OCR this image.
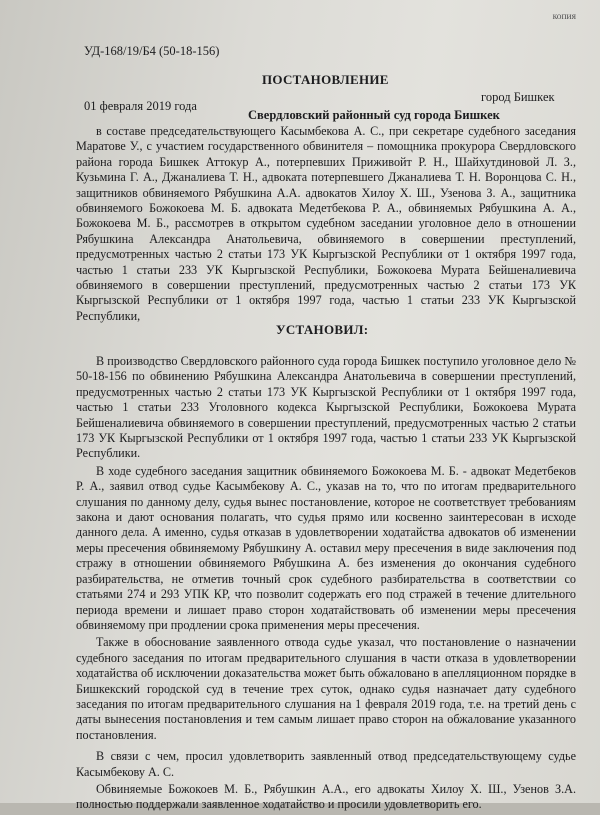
копия
УД-168/19/Б4 (50-18-156)
ПОСТАНОВЛЕНИЕ
город Бишкек
01 февраля 2019 года
Свердловский районный суд города Бишкек

в составе председательствующего Касымбекова А. С., при секретаре судебного заседания Маратове У., с участием государственного обвинителя – помощника прокурора Свердловского района города Бишкек Аттокур А., потерпевших Приживойт Р. Н., Шайхутдиновой Л. З., Кузьмина Г. А., Джаналиева Т. Н., адвоката потерпевшего Джаналиева Т. Н. Воронцова С. Н., защитников обвиняемого Рябушкина А.А. адвокатов Хилоу Х. Ш., Узенова З. А., защитника обвиняемого Божокоева М. Б. адвоката Медетбекова Р. А., обвиняемых Рябушкина А. А., Божокоева М. Б., рассмотрев в открытом судебном заседании уголовное дело в отношении Рябушкина Александра Анатольевича, обвиняемого в совершении преступлений, предусмотренных частью 2 статьи 173 УК Кыргызской Республики от 1 октября 1997 года, частью 1 статьи 233 УК Кыргызской Республики, Божокоева Мурата Бейшеналиевича обвиняемого в совершении преступлений, предусмотренных частью 2 статьи 173 УК Кыргызской Республики от 1 октября 1997 года, частью 1 статьи 233 УК Кыргызской Республики,

УСТАНОВИЛ:

В производство Свердловского районного суда города Бишкек поступило уголовное дело № 50-18-156 по обвинению Рябушкина Александра Анатольевича в совершении преступлений, предусмотренных частью 2 статьи 173 УК Кыргызской Республики от 1 октября 1997 года, частью 1 статьи 233 Уголовного кодекса Кыргызской Республики, Божокоева Мурата Бейшеналиевича обвиняемого в совершении преступлений, предусмотренных частью 2 статьи 173 УК Кыргызской Республики от 1 октября 1997 года, частью 1 статьи 233 УК Кыргызской Республики.

В ходе судебного заседания защитник обвиняемого Божокоева М. Б. - адвокат Медетбеков Р. А., заявил отвод судье Касымбекову А. С., указав на то, что по итогам предварительного слушания по данному делу, судья вынес постановление, которое не соответствует требованиям закона и дают основания полагать, что судья прямо или косвенно заинтересован в исходе данного дела. А именно, судья отказав в удовлетворении ходатайства адвокатов об изменении меры пресечения обвиняемому Рябушкину А. оставил меру пресечения в виде заключения под стражу в отношении обвиняемого Рябушкина А. без изменения до окончания судебного разбирательства, не отметив точный срок судебного разбирательства в соответствии со статьями 274 и 293 УПК КР, что позволит содержать его под стражей в течение длительного периода времени и лишает право сторон ходатайствовать об изменении меры пресечения обвиняемому при продлении срока применения меры пресечения.

Также в обоснование заявленного отвода судье указал, что постановление о назначении судебного заседания по итогам предварительного слушания в части отказа в удовлетворении ходатайства об исключении доказательства может быть обжаловано в апелляционном порядке в Бишкекский городской суд в течение трех суток, однако судья назначает дату судебного заседания по итогам предварительного слушания на 1 февраля 2019 года, т.е. на третий день с даты вынесения постановления и тем самым лишает право сторон на обжалование указанного постановления.

В связи с чем, просил удовлетворить заявленный отвод председательствующему судье Касымбекову А. С.

Обвиняемые Божокоев М. Б., Рябушкин А.А., его адвокаты Хилоу Х. Ш., Узенов З.А. полностью поддержали заявленное ходатайство и просили удовлетворить его.
